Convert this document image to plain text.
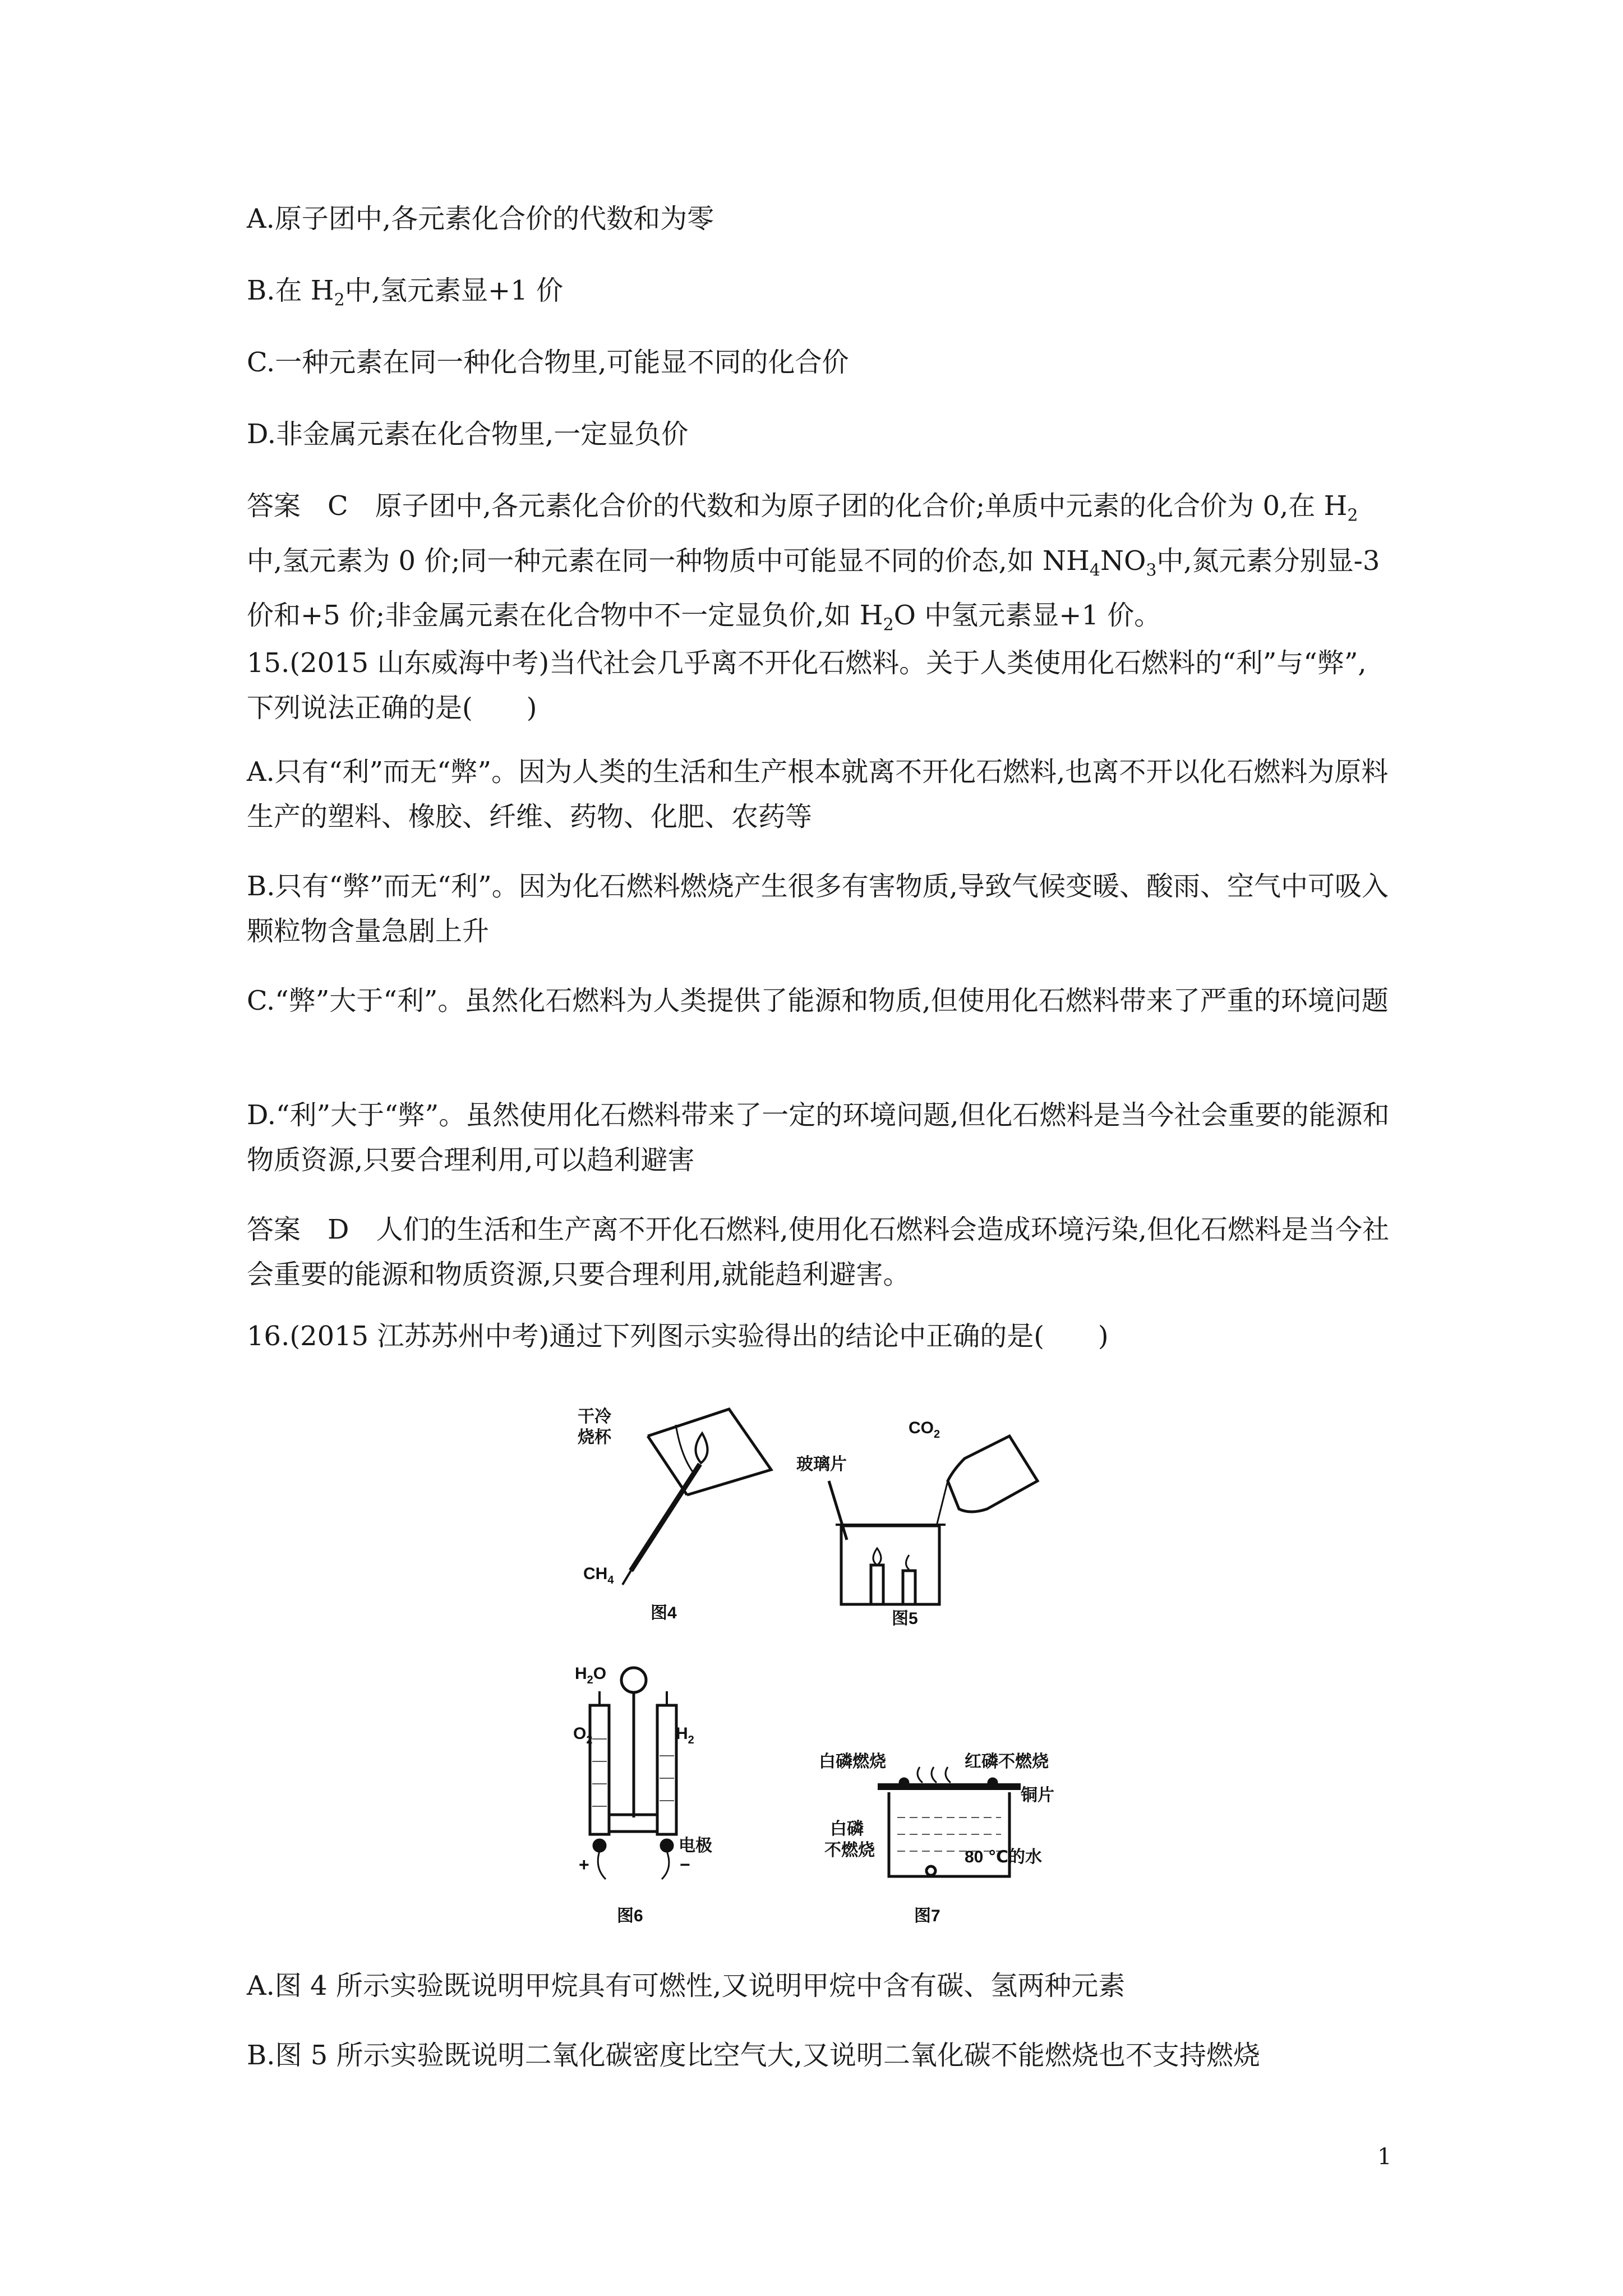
A.原子团中,各元素化合价的代数和为零

B.在 $H_2$中,氢元素显+1 价

C.一种元素在同一种化合物里,可能显不同的化合价

D.非金属元素在化合物里,一定显负价

答案  C  原子团中,各元素化合价的代数和为原子团的化合价;单质中元素的化合价为 0,在 $H_2$中,氢元素为 0 价;同一种元素在同一种物质中可能显不同的价态,如 $NH_4NO_3$中,氮元素分别显-3 价和+5 价;非金属元素在化合物中不一定显负价,如 $H_2O$ 中氢元素显+1 价。

15.(2015 山东威海中考)当代社会几乎离不开化石燃料。关于人类使用化石燃料的“利”与“弊”,下列说法正确的是(　　)

A.只有“利”而无“弊”。因为人类的生活和生产根本就离不开化石燃料,也离不开以化石燃料为原料生产的塑料、橡胶、纤维、药物、化肥、农药等

B.只有“弊”而无“利”。因为化石燃料燃烧产生很多有害物质,导致气候变暖、酸雨、空气中可吸入颗粒物含量急剧上升

C.“弊”大于“利”。虽然化石燃料为人类提供了能源和物质,但使用化石燃料带来了严重的环境问题

D.“利”大于“弊”。虽然使用化石燃料带来了一定的环境问题,但化石燃料是当今社会重要的能源和物质资源,只要合理利用,可以趋利避害

答案  D  人们的生活和生产离不开化石燃料,使用化石燃料会造成环境污染,但化石燃料是当今社会重要的能源和物质资源,只要合理利用,就能趋利避害。

16.(2015 江苏苏州中考)通过下列图示实验得出的结论中正确的是(　　)

干冷
烧杯
$CH_4$
图4
$CO_2$
玻璃片
图5
$H_2O$
$O_2$	$H_2$
电极
+	−
图6
白磷燃烧	红磷不燃烧
铜片
白磷
不燃烧	80 ℃的水
图7

A.图 4 所示实验既说明甲烷具有可燃性,又说明甲烷中含有碳、氢两种元素

B.图 5 所示实验既说明二氧化碳密度比空气大,又说明二氧化碳不能燃烧也不支持燃烧

1
